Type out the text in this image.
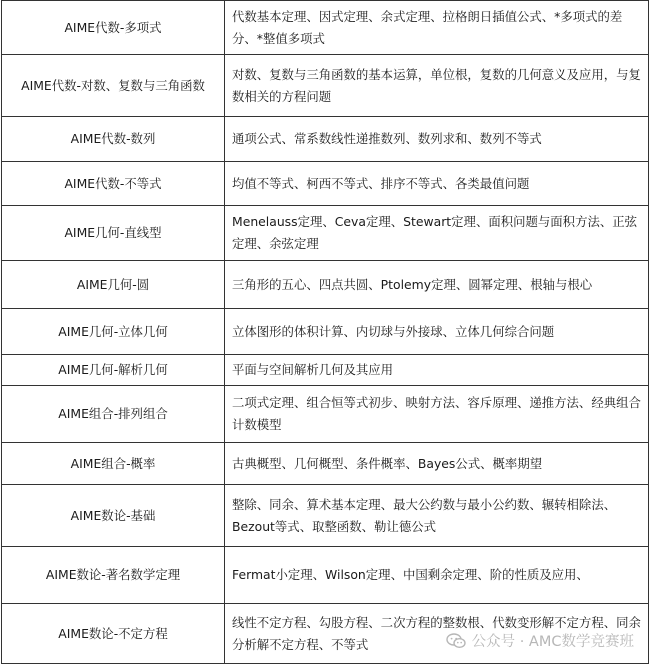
AIME代数-多项式	代数基本定理、因式定理、余式定理、拉格朗日插值公式、*多项式的差分、*整值多项式
AIME代数-对数、复数与三角函数	对数、复数与三角函数的基本运算，单位根，复数的几何意义及应用，与复数相关的方程问题
AIME代数-数列	通项公式、常系数线性递推数列、数列求和、数列不等式
AIME代数-不等式	均值不等式、柯西不等式、排序不等式、各类最值问题
AIME几何-直线型	Menelauss定理、Ceva定理、Stewart定理、面积问题与面积方法、正弦定理、余弦定理
AIME几何-圆	三角形的五心、四点共圆、Ptolemy定理、圆幂定理、根轴与根心
AIME几何-立体几何	立体图形的体积计算、内切球与外接球、立体几何综合问题
AIME几何-解析几何	平面与空间解析几何及其应用
AIME组合-排列组合	二项式定理、组合恒等式初步、映射方法、容斥原理、递推方法、经典组合计数模型
AIME组合-概率	古典概型、几何概型、条件概率、Bayes公式、概率期望
AIME数论-基础	整除、同余、算术基本定理、最大公约数与最小公约数、辗转相除法、Bezout等式、取整函数、勒让德公式
AIME数论-著名数学定理	Fermat小定理、Wilson定理、中国剩余定理、阶的性质及应用、
AIME数论-不定方程	线性不定方程、勾股方程、二次方程的整数根、代数变形解不定方程、同余分析解不定方程、不等式	公众号 · AMC数学竞赛班
